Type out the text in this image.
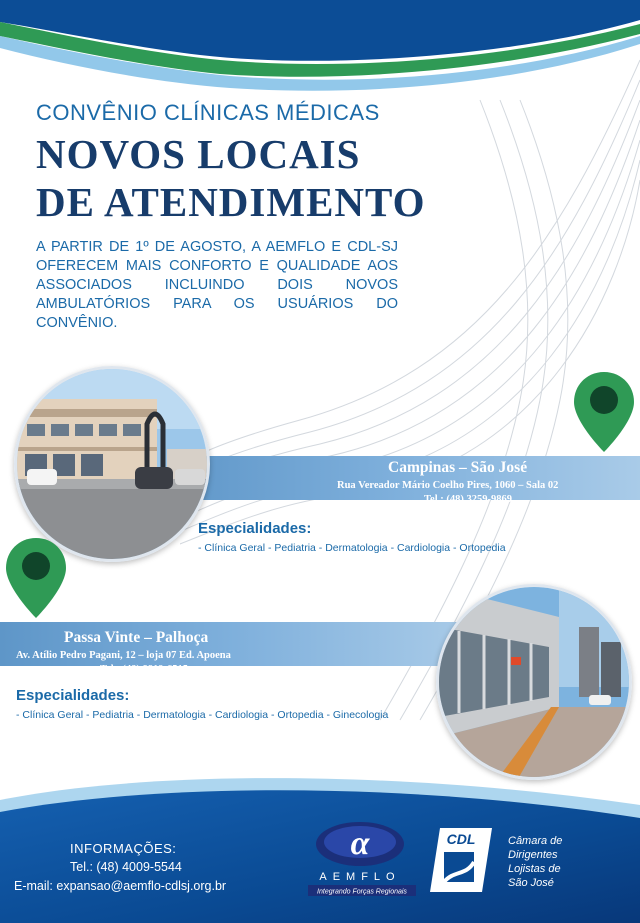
CONVÊNIO CLÍNICAS MÉDICAS
NOVOS LOCAIS
DE ATENDIMENTO
A PARTIR DE 1º DE AGOSTO, A AEMFLO E CDL-SJ OFERECEM MAIS CONFORTO E QUALIDADE AOS ASSOCIADOS INCLUINDO DOIS NOVOS AMBULATÓRIOS PARA OS USUÁRIOS DO CONVÊNIO.
Campinas – São José
Rua Vereador Mário Coelho Pires, 1060 – Sala 02
Tel.: (48) 3259-9869
Especialidades:
- Clínica Geral - Pediatria - Dermatologia - Cardiologia - Ortopedia
Passa Vinte – Palhoça
Av. Atílio Pedro Pagani, 12 – loja 07 Ed. Apoena
Tel.: (48) 8819-6515
Especialidades:
- Clínica Geral - Pediatria - Dermatologia - Cardiologia - Ortopedia - Ginecologia
INFORMAÇÕES:
Tel.: (48) 4009-5544
E-mail: expansao@aemflo-cdlsj.org.br
α
AEMFLO
Integrando Forças Regionais
CDL	Câmara de
Dirigentes
Lojistas de
São José
